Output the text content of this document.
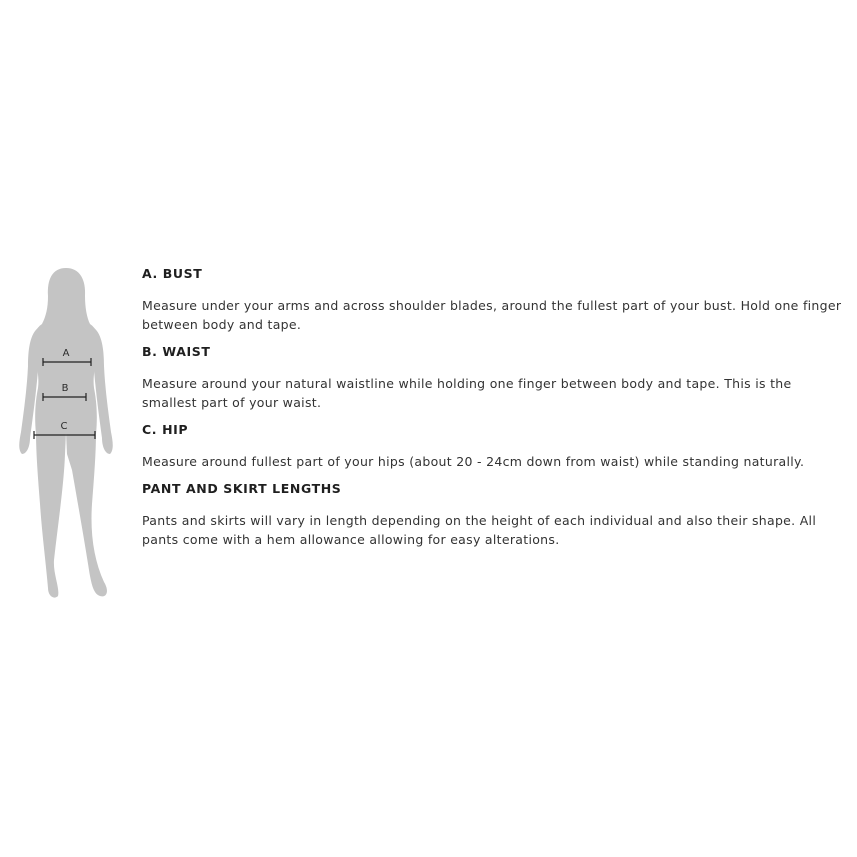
A
B
C
A. BUST
Measure under your arms and across shoulder blades, around the fullest part of your bust. Hold one finger between body and tape.
B. WAIST
Measure around your natural waistline while holding one finger between body and tape. This is the smallest part of your waist.
C. HIP
Measure around fullest part of your hips (about 20 - 24cm down from waist) while standing naturally.
PANT AND SKIRT LENGTHS
Pants and skirts will vary in length depending on the height of each individual and also their shape. All pants come with a hem allowance allowing for easy alterations.
